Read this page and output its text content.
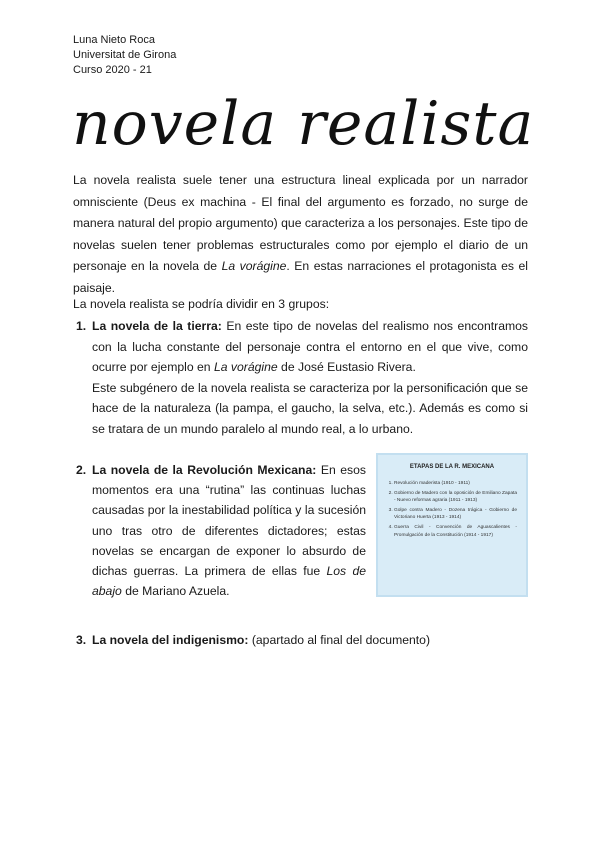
Luna Nieto Roca
Universitat de Girona
Curso 2020 - 21
novela realista

La novela realista suele tener una estructura lineal explicada por un narrador omnisciente (Deus ex machina - El final del argumento es forzado, no surge de manera natural del propio argumento) que caracteriza a los personajes. Este tipo de novelas suelen tener problemas estructurales como por ejemplo el diario de un personaje en la novela de La vorágine. En estas narraciones el protagonista es el paisaje.

La novela realista se podría dividir en 3 grupos:
1. La novela de la tierra: En este tipo de novelas del realismo nos encontramos con la lucha constante del personaje contra el entorno en el que vive, como ocurre por ejemplo en La vorágine de José Eustasio Rivera.

Este subgénero de la novela realista se caracteriza por la personificación que se hace de la naturaleza (la pampa, el gaucho, la selva, etc.). Además es como si se tratara de un mundo paralelo al mundo real, a lo urbano.

2. La novela de la Revolución Mexicana: En esos momentos era una “rutina” las continuas luchas causadas por la inestabilidad política y la sucesión uno tras otro de diferentes dictadores; estas novelas se encargan de exponer lo absurdo de dichas guerras. La primera de ellas fue Los de abajo de Mariano Azuela.
ETAPAS DE LA R. MEXICANA
1. Revolución maderista (1910 - 1911)
2. Gobierno de Madero con la oposición de Emiliano Zapata - Nuevo reformas agraria (1911 - 1913)
3. Golpe contra Madero - Dozena trágica - Gobierno de Victoriano Huerta (1913 - 1914)
4. Guerra Civil - Convención de Aguascalientes - Promulgación de la Constitución (1914 - 1917)
3. La novela del indigenismo: (apartado al final del documento)
